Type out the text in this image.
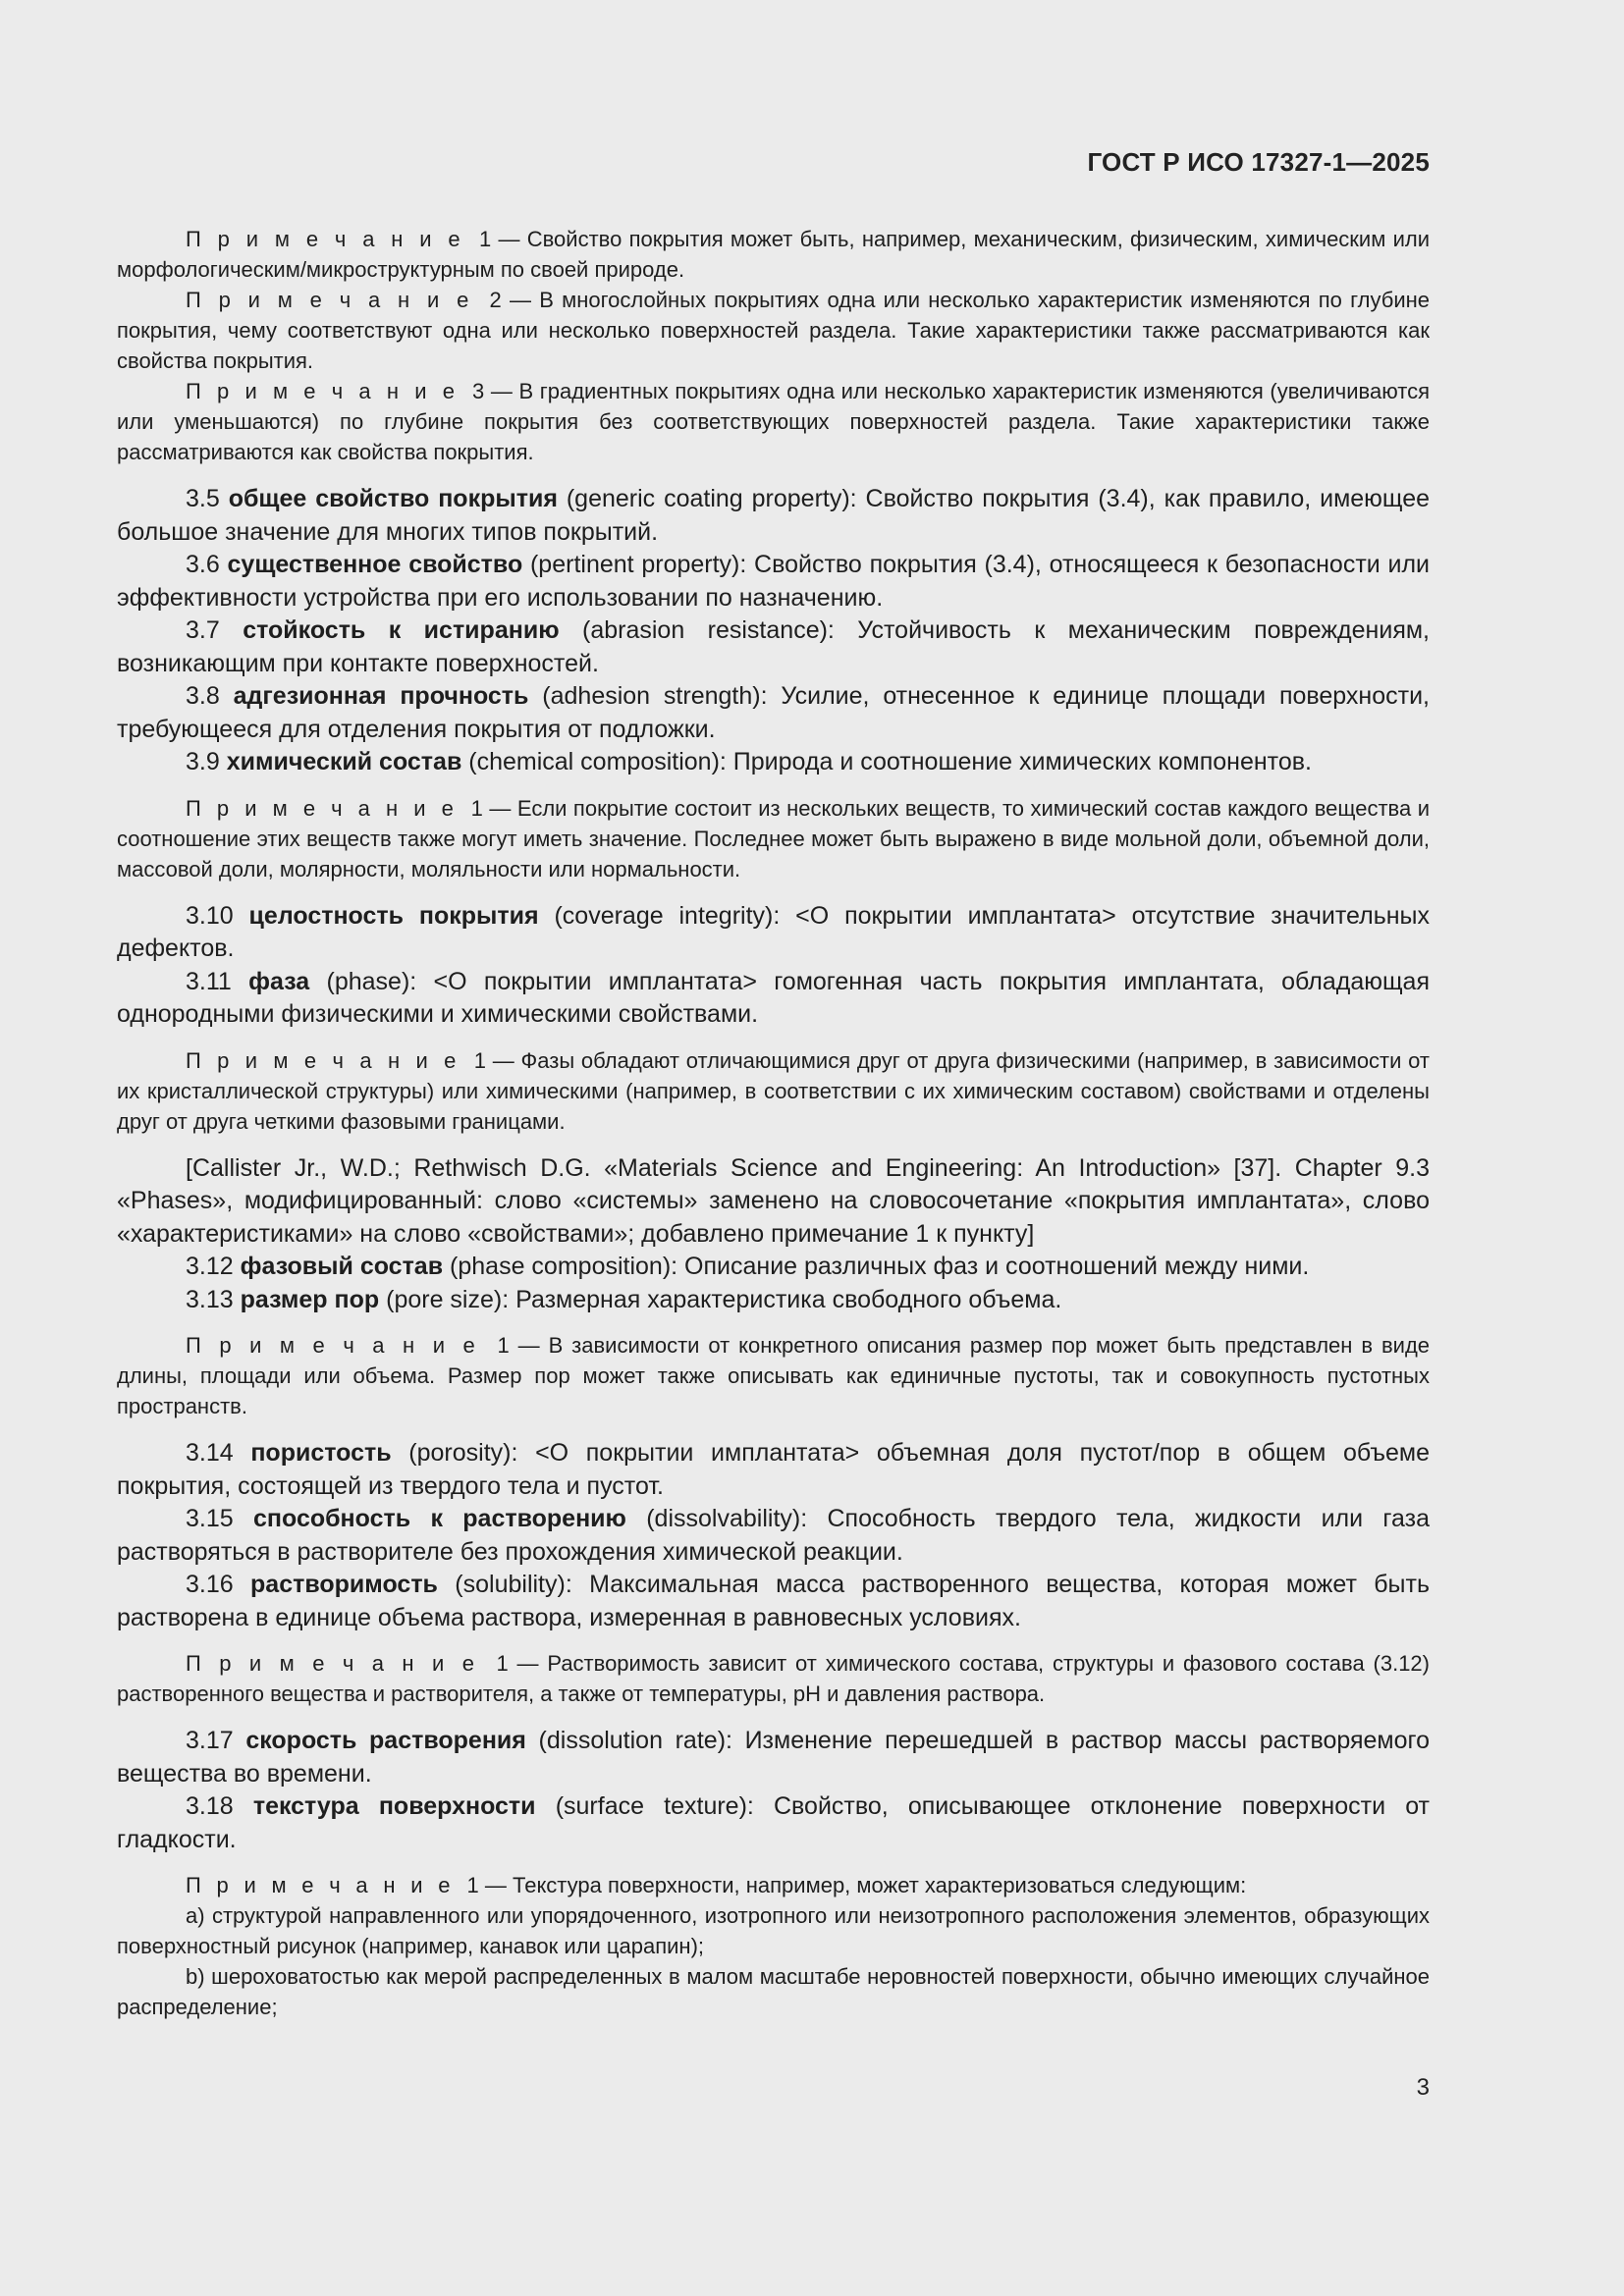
ГОСТ Р ИСО 17327-1—2025

П р и м е ч а н и е 1 — Свойство покрытия может быть, например, механическим, физическим, химическим или морфологическим/микроструктурным по своей природе.

П р и м е ч а н и е 2 — В многослойных покрытиях одна или несколько характеристик изменяются по глубине покрытия, чему соответствуют одна или несколько поверхностей раздела. Такие характеристики также рассматриваются как свойства покрытия.

П р и м е ч а н и е 3 — В градиентных покрытиях одна или несколько характеристик изменяются (увеличиваются или уменьшаются) по глубине покрытия без соответствующих поверхностей раздела. Такие характеристики также рассматриваются как свойства покрытия.

3.5 общее свойство покрытия (generic coating property): Свойство покрытия (3.4), как правило, имеющее большое значение для многих типов покрытий.

3.6 существенное свойство (pertinent property): Свойство покрытия (3.4), относящееся к безопасности или эффективности устройства при его использовании по назначению.

3.7 стойкость к истиранию (abrasion resistance): Устойчивость к механическим повреждениям, возникающим при контакте поверхностей.

3.8 адгезионная прочность (adhesion strength): Усилие, отнесенное к единице площади поверхности, требующееся для отделения покрытия от подложки.

3.9 химический состав (chemical composition): Природа и соотношение химических компонентов.

П р и м е ч а н и е 1 — Если покрытие состоит из нескольких веществ, то химический состав каждого вещества и соотношение этих веществ также могут иметь значение. Последнее может быть выражено в виде мольной доли, объемной доли, массовой доли, молярности, моляльности или нормальности.

3.10 целостность покрытия (coverage integrity): <О покрытии имплантата> отсутствие значительных дефектов.

3.11 фаза (phase): <О покрытии имплантата> гомогенная часть покрытия имплантата, обладающая однородными физическими и химическими свойствами.

П р и м е ч а н и е 1 — Фазы обладают отличающимися друг от друга физическими (например, в зависимости от их кристаллической структуры) или химическими (например, в соответствии с их химическим составом) свойствами и отделены друг от друга четкими фазовыми границами.

[Callister Jr., W.D.; Rethwisch D.G. «Materials Science and Engineering: An Introduction» [37]. Chapter 9.3 «Phases», модифицированный: слово «системы» заменено на словосочетание «покрытия имплантата», слово «характеристиками» на слово «свойствами»; добавлено примечание 1 к пункту]

3.12 фазовый состав (phase composition): Описание различных фаз и соотношений между ними.

3.13 размер пор (pore size): Размерная характеристика свободного объема.

П р и м е ч а н и е 1 — В зависимости от конкретного описания размер пор может быть представлен в виде длины, площади или объема. Размер пор может также описывать как единичные пустоты, так и совокупность пустотных пространств.

3.14 пористость (porosity): <О покрытии имплантата> объемная доля пустот/пор в общем объеме покрытия, состоящей из твердого тела и пустот.

3.15 способность к растворению (dissolvability): Способность твердого тела, жидкости или газа растворяться в растворителе без прохождения химической реакции.

3.16 растворимость (solubility): Максимальная масса растворенного вещества, которая может быть растворена в единице объема раствора, измеренная в равновесных условиях.

П р и м е ч а н и е 1 — Растворимость зависит от химического состава, структуры и фазового состава (3.12) растворенного вещества и растворителя, а также от температуры, pH и давления раствора.

3.17 скорость растворения (dissolution rate): Изменение перешедшей в раствор массы растворяемого вещества во времени.

3.18 текстура поверхности (surface texture): Свойство, описывающее отклонение поверхности от гладкости.

П р и м е ч а н и е 1 — Текстура поверхности, например, может характеризоваться следующим:

a) структурой направленного или упорядоченного, изотропного или неизотропного расположения элементов, образующих поверхностный рисунок (например, канавок или царапин);

b) шероховатостью как мерой распределенных в малом масштабе неровностей поверхности, обычно имеющих случайное распределение;

3
